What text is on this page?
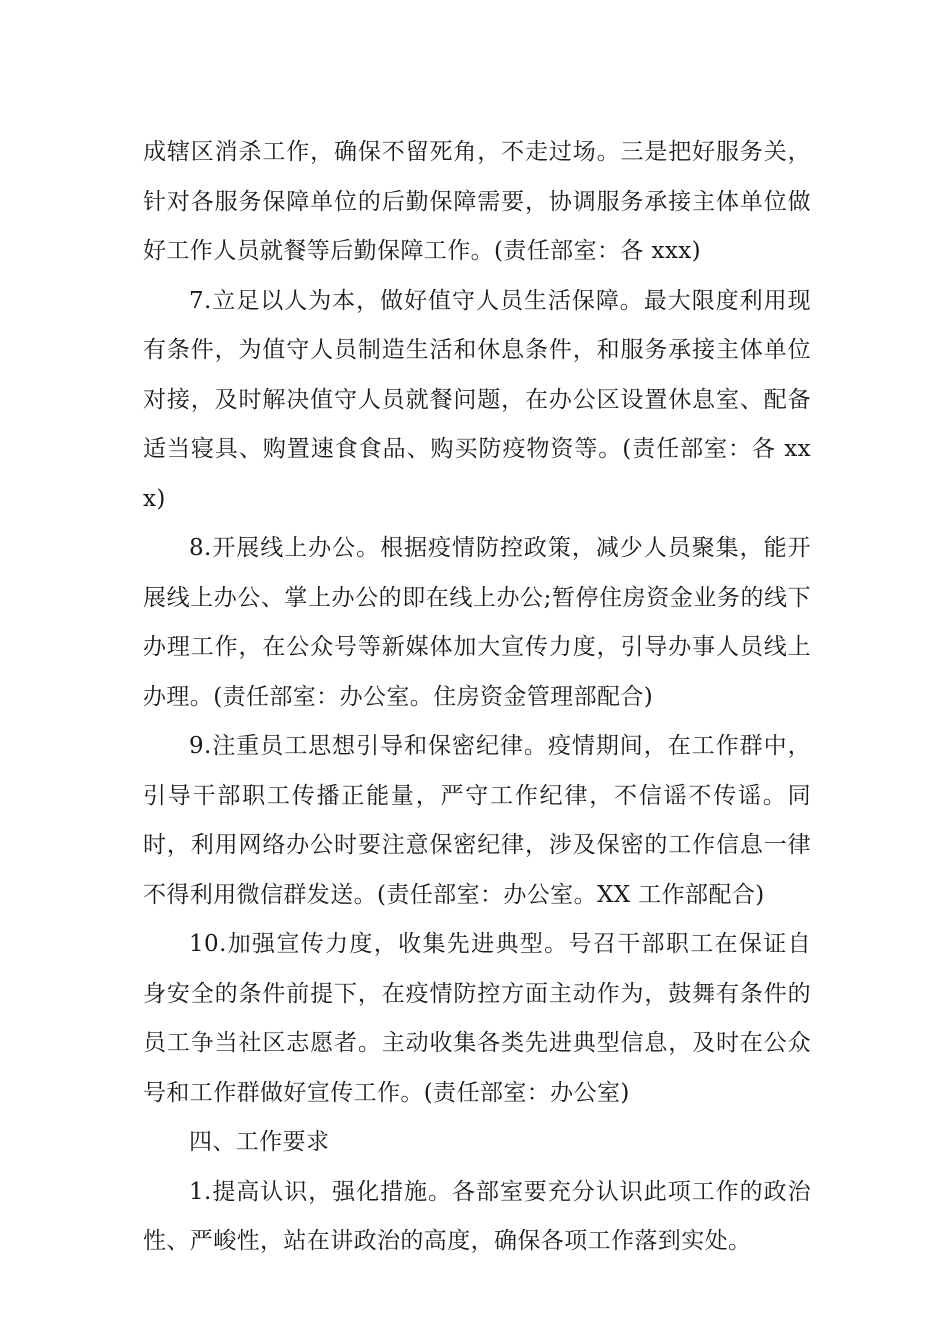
成辖区消杀工作，确保不留死角，不走过场。三是把好服务关，针对各服务保障单位的后勤保障需要，协调服务承接主体单位做好工作人员就餐等后勤保障工作。(责任部室：各 xxx)

7.立足以人为本，做好值守人员生活保障。最大限度利用现有条件，为值守人员制造生活和休息条件，和服务承接主体单位对接，及时解决值守人员就餐问题，在办公区设置休息室、配备适当寝具、购置速食食品、购买防疫物资等。(责任部室：各 xxx)

8.开展线上办公。根据疫情防控政策，减少人员聚集，能开展线上办公、掌上办公的即在线上办公;暂停住房资金业务的线下办理工作，在公众号等新媒体加大宣传力度，引导办事人员线上办理。(责任部室：办公室。住房资金管理部配合)

9.注重员工思想引导和保密纪律。疫情期间，在工作群中，引导干部职工传播正能量，严守工作纪律，不信谣不传谣。同时，利用网络办公时要注意保密纪律，涉及保密的工作信息一律不得利用微信群发送。(责任部室：办公室。XX 工作部配合)

10.加强宣传力度，收集先进典型。号召干部职工在保证自身安全的条件前提下，在疫情防控方面主动作为，鼓舞有条件的员工争当社区志愿者。主动收集各类先进典型信息，及时在公众号和工作群做好宣传工作。(责任部室：办公室)

四、工作要求

1.提高认识，强化措施。各部室要充分认识此项工作的政治性、严峻性，站在讲政治的高度，确保各项工作落到实处。
